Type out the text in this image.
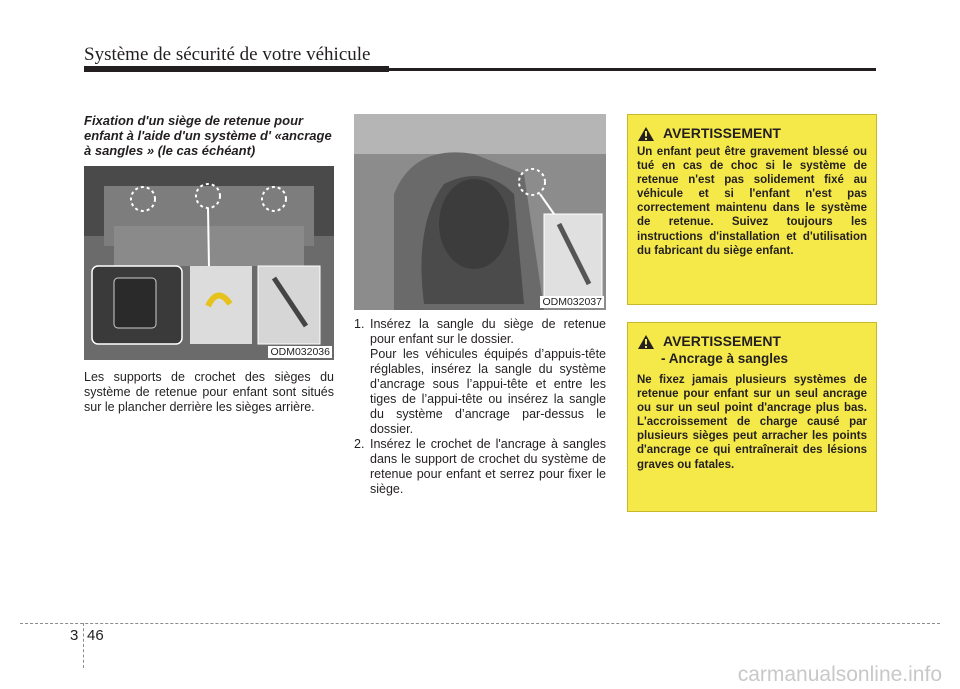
Système de sécurité de votre véhicule
Fixation d'un siège de retenue pour enfant à l'aide d'un système d' «ancrage à sangles » (le cas échéant)
ODM032036
Les supports de crochet des sièges du système de retenue pour enfant sont situés sur le plancher derrière les sièges arrière.
ODM032037

1. Insérez la sangle du siège de retenue pour enfant sur le dossier.

Pour les véhicules équipés d’appuis-tête réglables, insérez la sangle du système d’ancrage sous l’appui-tête et entre les tiges de l’appui-tête ou insérez la sangle du système d’ancrage par-dessus le dossier.

2. Insérez le crochet de l'ancrage à sangles dans le support de crochet du système de retenue pour enfant et serrez pour fixer le siège.

AVERTISSEMENT
Un enfant peut être gravement blessé ou tué en cas de choc si le système de retenue n'est pas solidement fixé au véhicule et si l'enfant n'est pas correctement maintenu dans le système de retenue. Suivez toujours les instructions d'installation et d'utilisation du fabricant du siège enfant.
AVERTISSEMENT
- Ancrage à sangles
Ne fixez jamais plusieurs systèmes de retenue pour enfant sur un seul ancrage ou sur un seul point d'ancrage plus bas. L'accroissement de charge causé par plusieurs sièges peut arracher les points d'ancrage ce qui entraînerait des lésions graves ou fatales.
3 46
carmanualsonline.info
